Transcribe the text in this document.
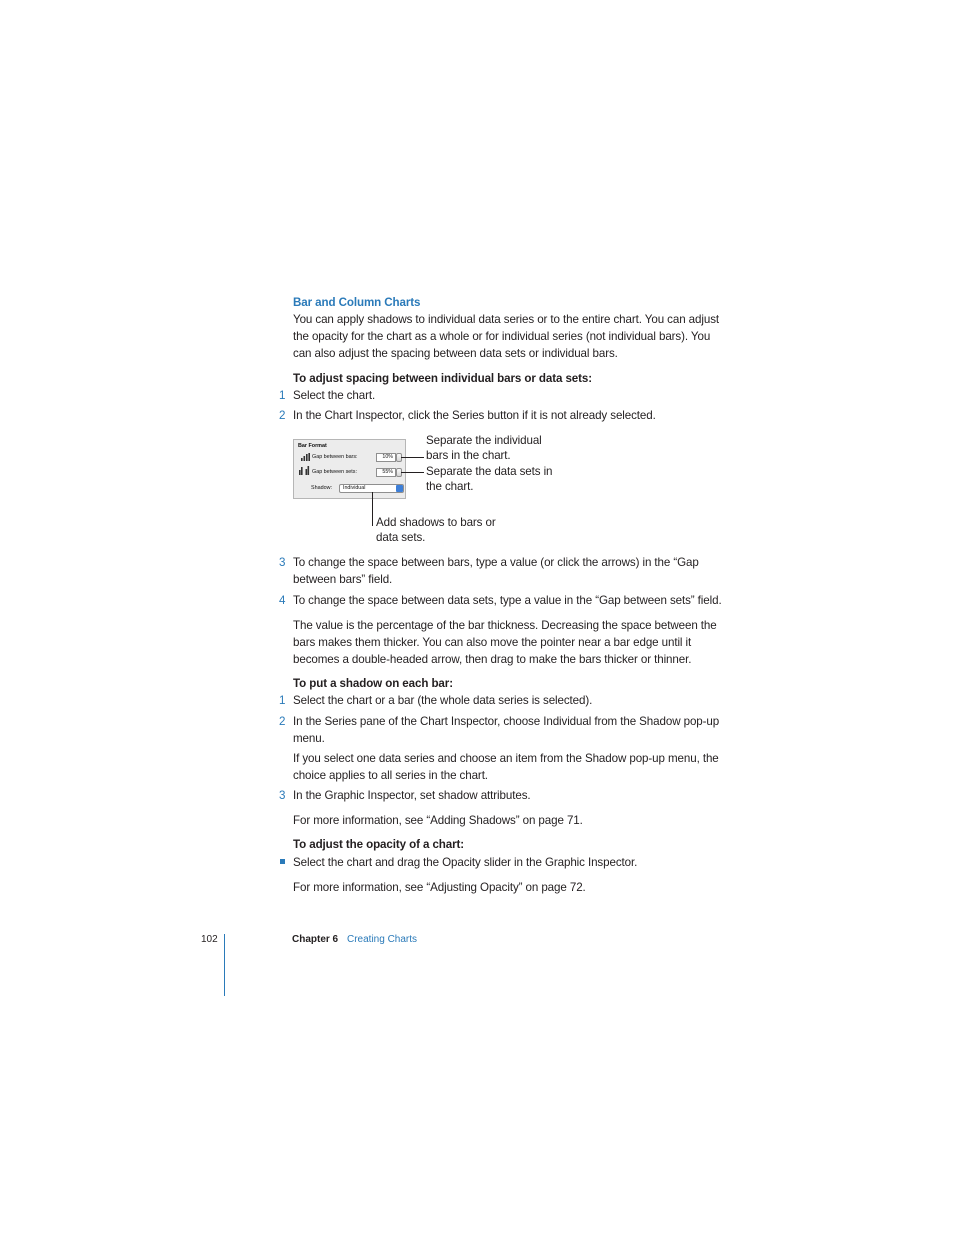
Bar and Column Charts
You can apply shadows to individual data series or to the entire chart. You can adjust
the opacity for the chart as a whole or for individual series (not individual bars). You
can also adjust the spacing between data sets or individual bars.
To adjust spacing between individual bars or data sets:
1 Select the chart.
2 In the Chart Inspector, click the Series button if it is not already selected.
Bar Format
Gap between bars:	10%
Gap between sets:	55%
Shadow:	Individual
Separate the individual
bars in the chart.
Separate the data sets in
the chart.
Add shadows to bars or
data sets.
3 To change the space between bars, type a value (or click the arrows) in the “Gap
between bars” field.
4 To change the space between data sets, type a value in the “Gap between sets” field.
The value is the percentage of the bar thickness. Decreasing the space between the
bars makes them thicker. You can also move the pointer near a bar edge until it
becomes a double-headed arrow, then drag to make the bars thicker or thinner.
To put a shadow on each bar:
1 Select the chart or a bar (the whole data series is selected).
2 In the Series pane of the Chart Inspector, choose Individual from the Shadow pop-up
menu.
If you select one data series and choose an item from the Shadow pop-up menu, the
choice applies to all series in the chart.
3 In the Graphic Inspector, set shadow attributes.
For more information, see “Adding Shadows” on page 71.
To adjust the opacity of a chart:
Select the chart and drag the Opacity slider in the Graphic Inspector.
For more information, see “Adjusting Opacity” on page 72.
102	Chapter 6 Creating Charts
